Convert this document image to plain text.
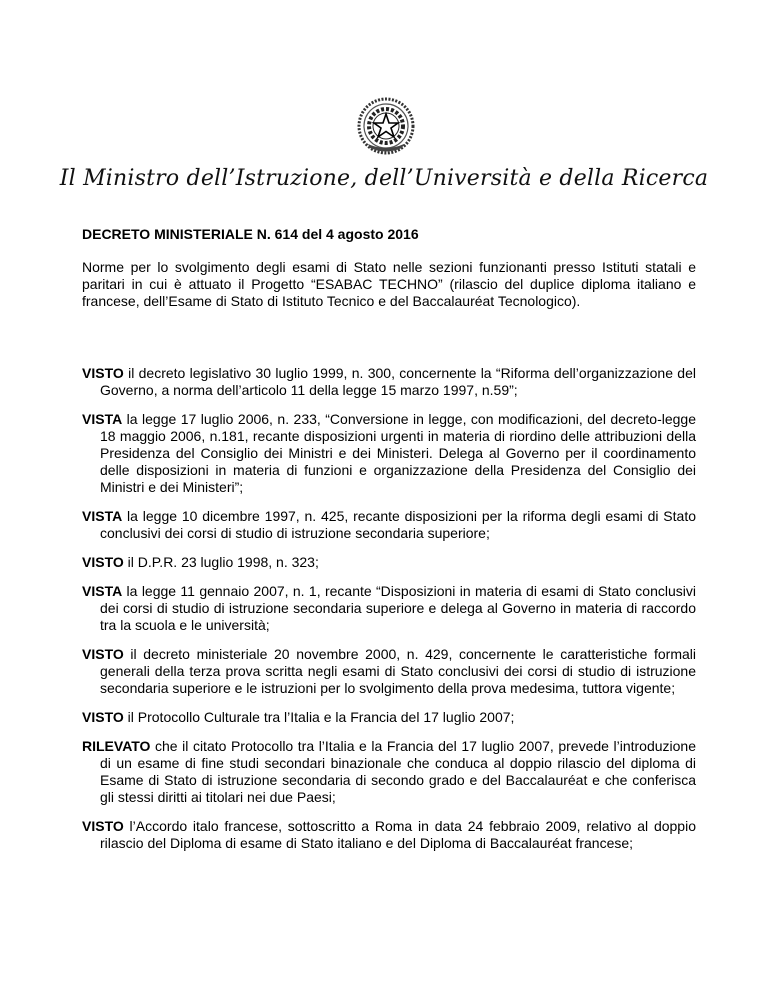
Il Ministro dell’Istruzione, dell’Università e della Ricerca
DECRETO MINISTERIALE N. 614 del 4 agosto 2016
Norme per lo svolgimento degli esami di Stato nelle sezioni funzionanti presso Istituti statali e paritari in cui è attuato il Progetto “ESABAC TECHNO” (rilascio del duplice diploma italiano e francese, dell’Esame di Stato di Istituto Tecnico e del Baccalauréat Tecnologico).

VISTO il decreto legislativo 30 luglio 1999, n. 300, concernente la “Riforma dell’organizzazione del Governo, a norma dell’articolo 11 della legge 15 marzo 1997, n.59”;

VISTA la legge 17 luglio 2006, n. 233, “Conversione in legge, con modificazioni, del decreto-legge 18 maggio 2006, n.181, recante disposizioni urgenti in materia di riordino delle attribuzioni della Presidenza del Consiglio dei Ministri e dei Ministeri. Delega al Governo per il coordinamento delle disposizioni in materia di funzioni e organizzazione della Presidenza del Consiglio dei Ministri e dei Ministeri”;

VISTA la legge 10 dicembre 1997, n. 425, recante disposizioni per la riforma degli esami di Stato conclusivi dei corsi di studio di istruzione secondaria superiore;

VISTO il D.P.R. 23 luglio 1998, n. 323;

VISTA la legge 11 gennaio 2007, n. 1, recante “Disposizioni in materia di esami di Stato conclusivi dei corsi di studio di istruzione secondaria superiore e delega al Governo in materia di raccordo tra la scuola e le università;

VISTO il decreto ministeriale 20 novembre 2000, n. 429, concernente le caratteristiche formali generali della terza prova scritta negli esami di Stato conclusivi dei corsi di studio di istruzione secondaria superiore e le istruzioni per lo svolgimento della prova medesima, tuttora vigente;

VISTO il Protocollo Culturale tra l’Italia e la Francia del 17 luglio 2007;

RILEVATO che il citato Protocollo tra l’Italia e la Francia del 17 luglio 2007, prevede l’introduzione di un esame di fine studi secondari binazionale che conduca al doppio rilascio del diploma di Esame di Stato di istruzione secondaria di secondo grado e del Baccalauréat e che conferisca gli stessi diritti ai titolari nei due Paesi;

VISTO l’Accordo italo francese, sottoscritto a Roma in data 24 febbraio 2009, relativo al doppio rilascio del Diploma di esame di Stato italiano e del Diploma di Baccalauréat francese;
